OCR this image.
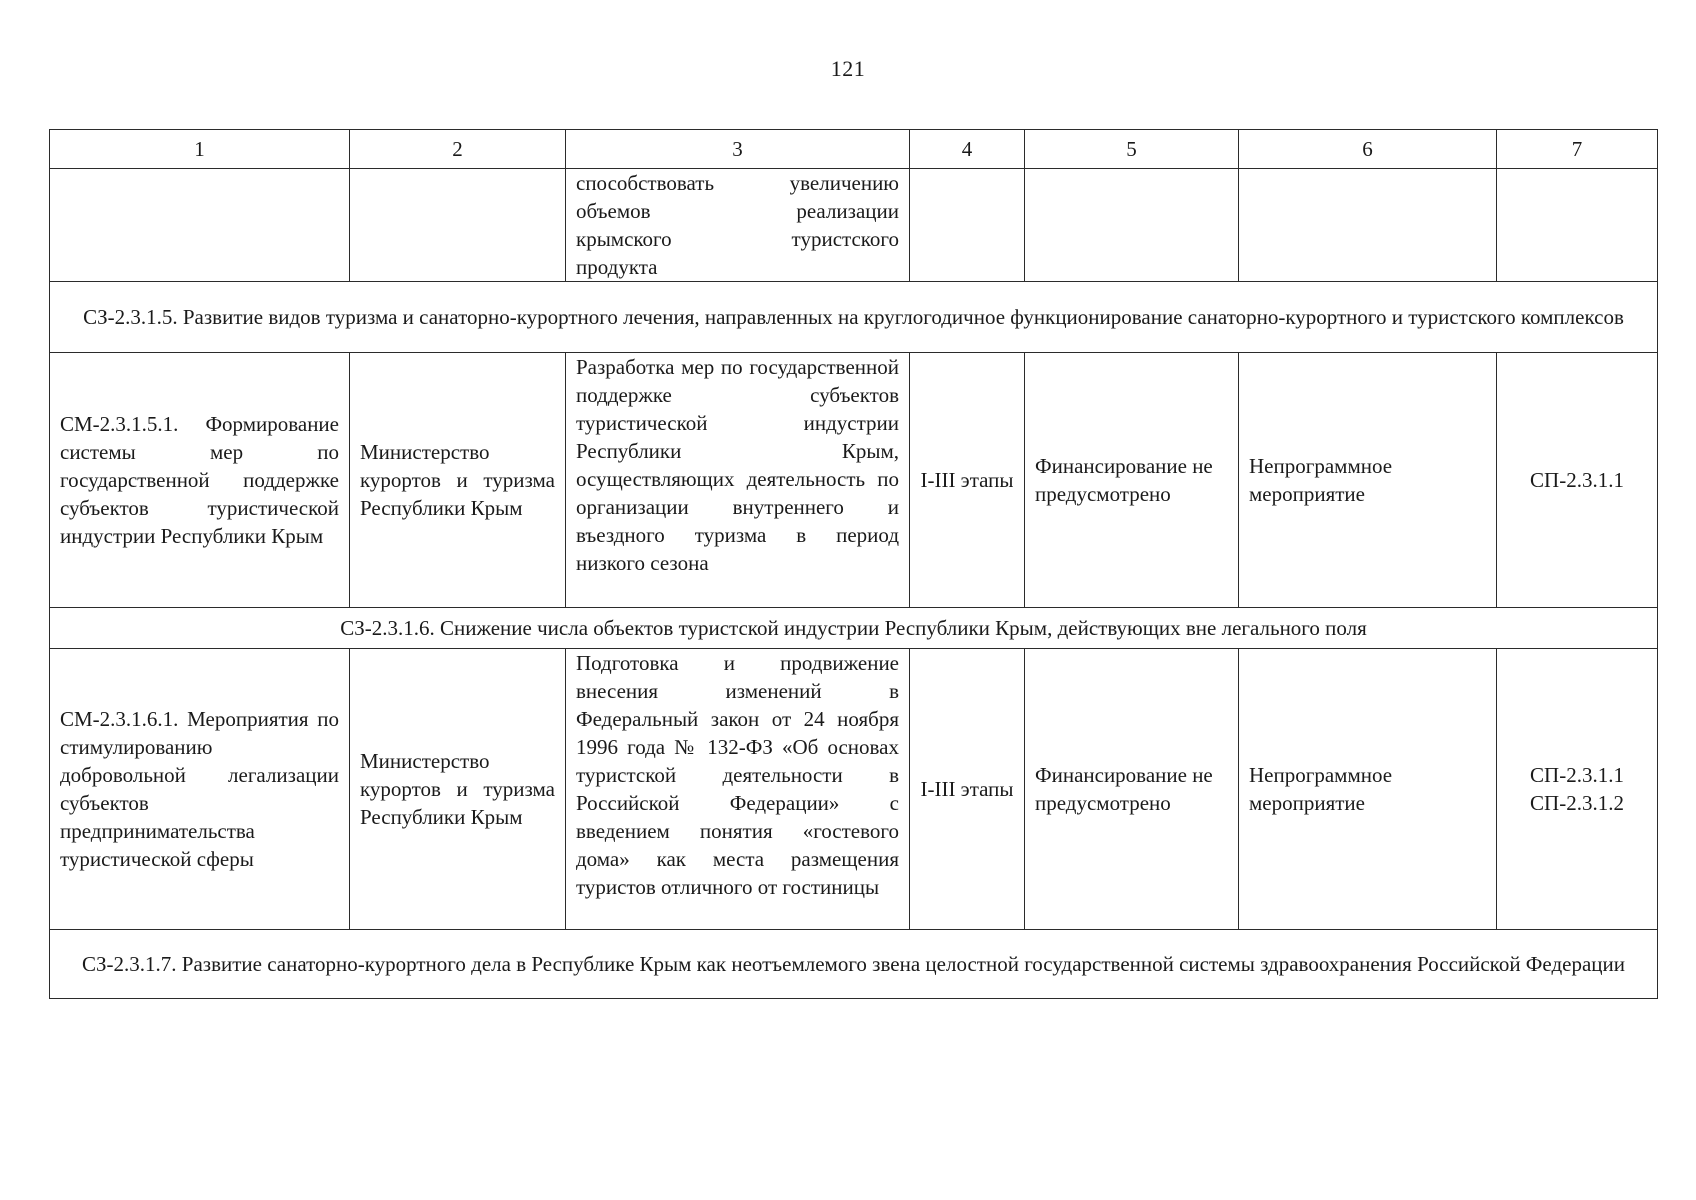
121
1	2	3	4	5	6	7

		способствовать увеличению
объемов реализации
крымского туристского
продукта				

СЗ-2.3.1.5. Развитие видов туризма и санаторно-курортного лечения, направленных на круглогодичное функционирование санаторно-курортного и туристского комплексов						

СМ-2.3.1.5.1. Формирование системы мер по государственной поддержке субъектов туристической индустрии Республики Крым	Министерство курортов и туризма Республики Крым	Разработка мер по государственной поддержке субъектов туристической индустрии Республики Крым, осуществляющих деятельность по организации внутреннего и въездного туризма в период низкого сезона	I-III этапы	Финансирование не предусмотрено	Непрограммное мероприятие	СП-2.3.1.1
СЗ-2.3.1.6. Снижение числа объектов туристской индустрии Республики Крым, действующих вне легального поля						

СМ-2.3.1.6.1. Мероприятия по стимулированию добровольной легализации субъектов предпринимательства туристической сферы	Министерство курортов и туризма Республики Крым	Подготовка и продвижение внесения изменений в Федеральный закон от 24 ноября 1996 года № 132-ФЗ «Об основах туристской деятельности в Российской Федерации» с введением понятия «гостевого дома» как места размещения туристов отличного от гостиницы	I-III этапы	Финансирование не предусмотрено	Непрограммное мероприятие	СП-2.3.1.1
СП-2.3.1.2

СЗ-2.3.1.7. Развитие санаторно-курортного дела в Республике Крым как неотъемлемого звена целостной государственной системы здравоохранения Российской Федерации						
